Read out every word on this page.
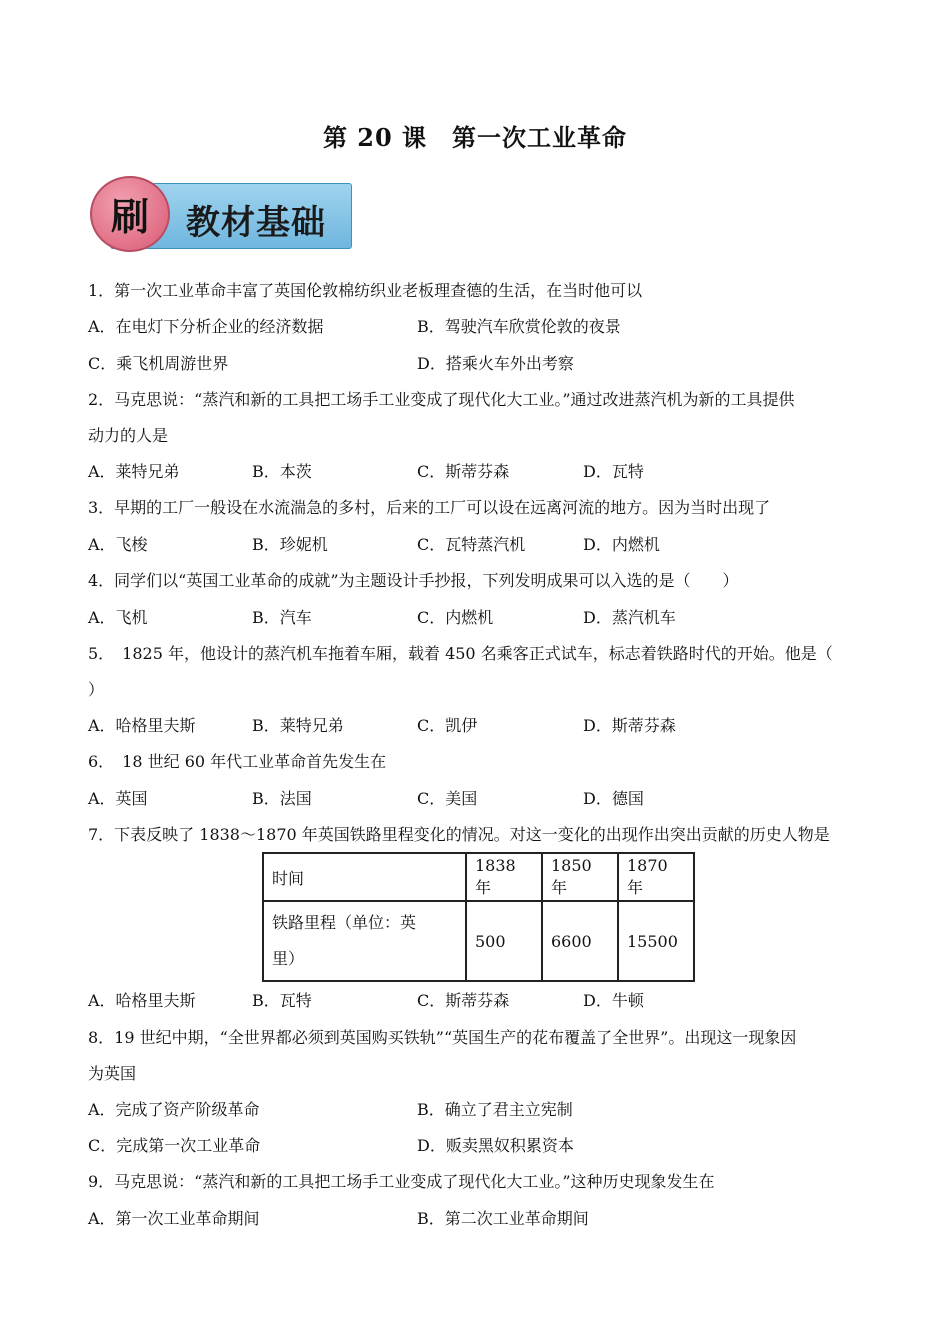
第 20 课　第一次工业革命
刷	教材基础
1．第一次工业革命丰富了英国伦敦棉纺织业老板理查德的生活，在当时他可以
A．在电灯下分析企业的经济数据	B．驾驶汽车欣赏伦敦的夜景
C．乘飞机周游世界	D．搭乘火车外出考察
2．马克思说：“蒸汽和新的工具把工场手工业变成了现代化大工业。”通过改进蒸汽机为新的工具提供
动力的人是
A．莱特兄弟	B．本茨	C．斯蒂芬森	D．瓦特
3．早期的工厂一般设在水流湍急的多村，后来的工厂可以设在远离河流的地方。因为当时出现了
A．飞梭	B．珍妮机	C．瓦特蒸汽机	D．内燃机
4．同学们以“英国工业革命的成就”为主题设计手抄报，下列发明成果可以入选的是（　　）
A．飞机	B．汽车	C．内燃机	D．蒸汽机车
5．　1825 年，他设计的蒸汽机车拖着车厢，载着 450 名乘客正式试车，标志着铁路时代的开始。他是（
）
A．哈格里夫斯	B．莱特兄弟	C．凯伊	D．斯蒂芬森
6．　18 世纪 60 年代工业革命首先发生在
A．英国	B．法国	C．美国	D．德国
7．下表反映了 1838～1870 年英国铁路里程变化的情况。对这一变化的出现作出突出贡献的历史人物是
时间	1838 年	1850 年	1870 年

铁路里程（单位：英
里）	500	6600	15500
A．哈格里夫斯	B．瓦特	C．斯蒂芬森	D．牛顿
8．19 世纪中期，“全世界都必须到英国购买铁轨”“英国生产的花布覆盖了全世界”。出现这一现象因
为英国
A．完成了资产阶级革命	B．确立了君主立宪制
C．完成第一次工业革命	D．贩卖黑奴积累资本
9．马克思说：“蒸汽和新的工具把工场手工业变成了现代化大工业。”这种历史现象发生在
A．第一次工业革命期间	B．第二次工业革命期间
